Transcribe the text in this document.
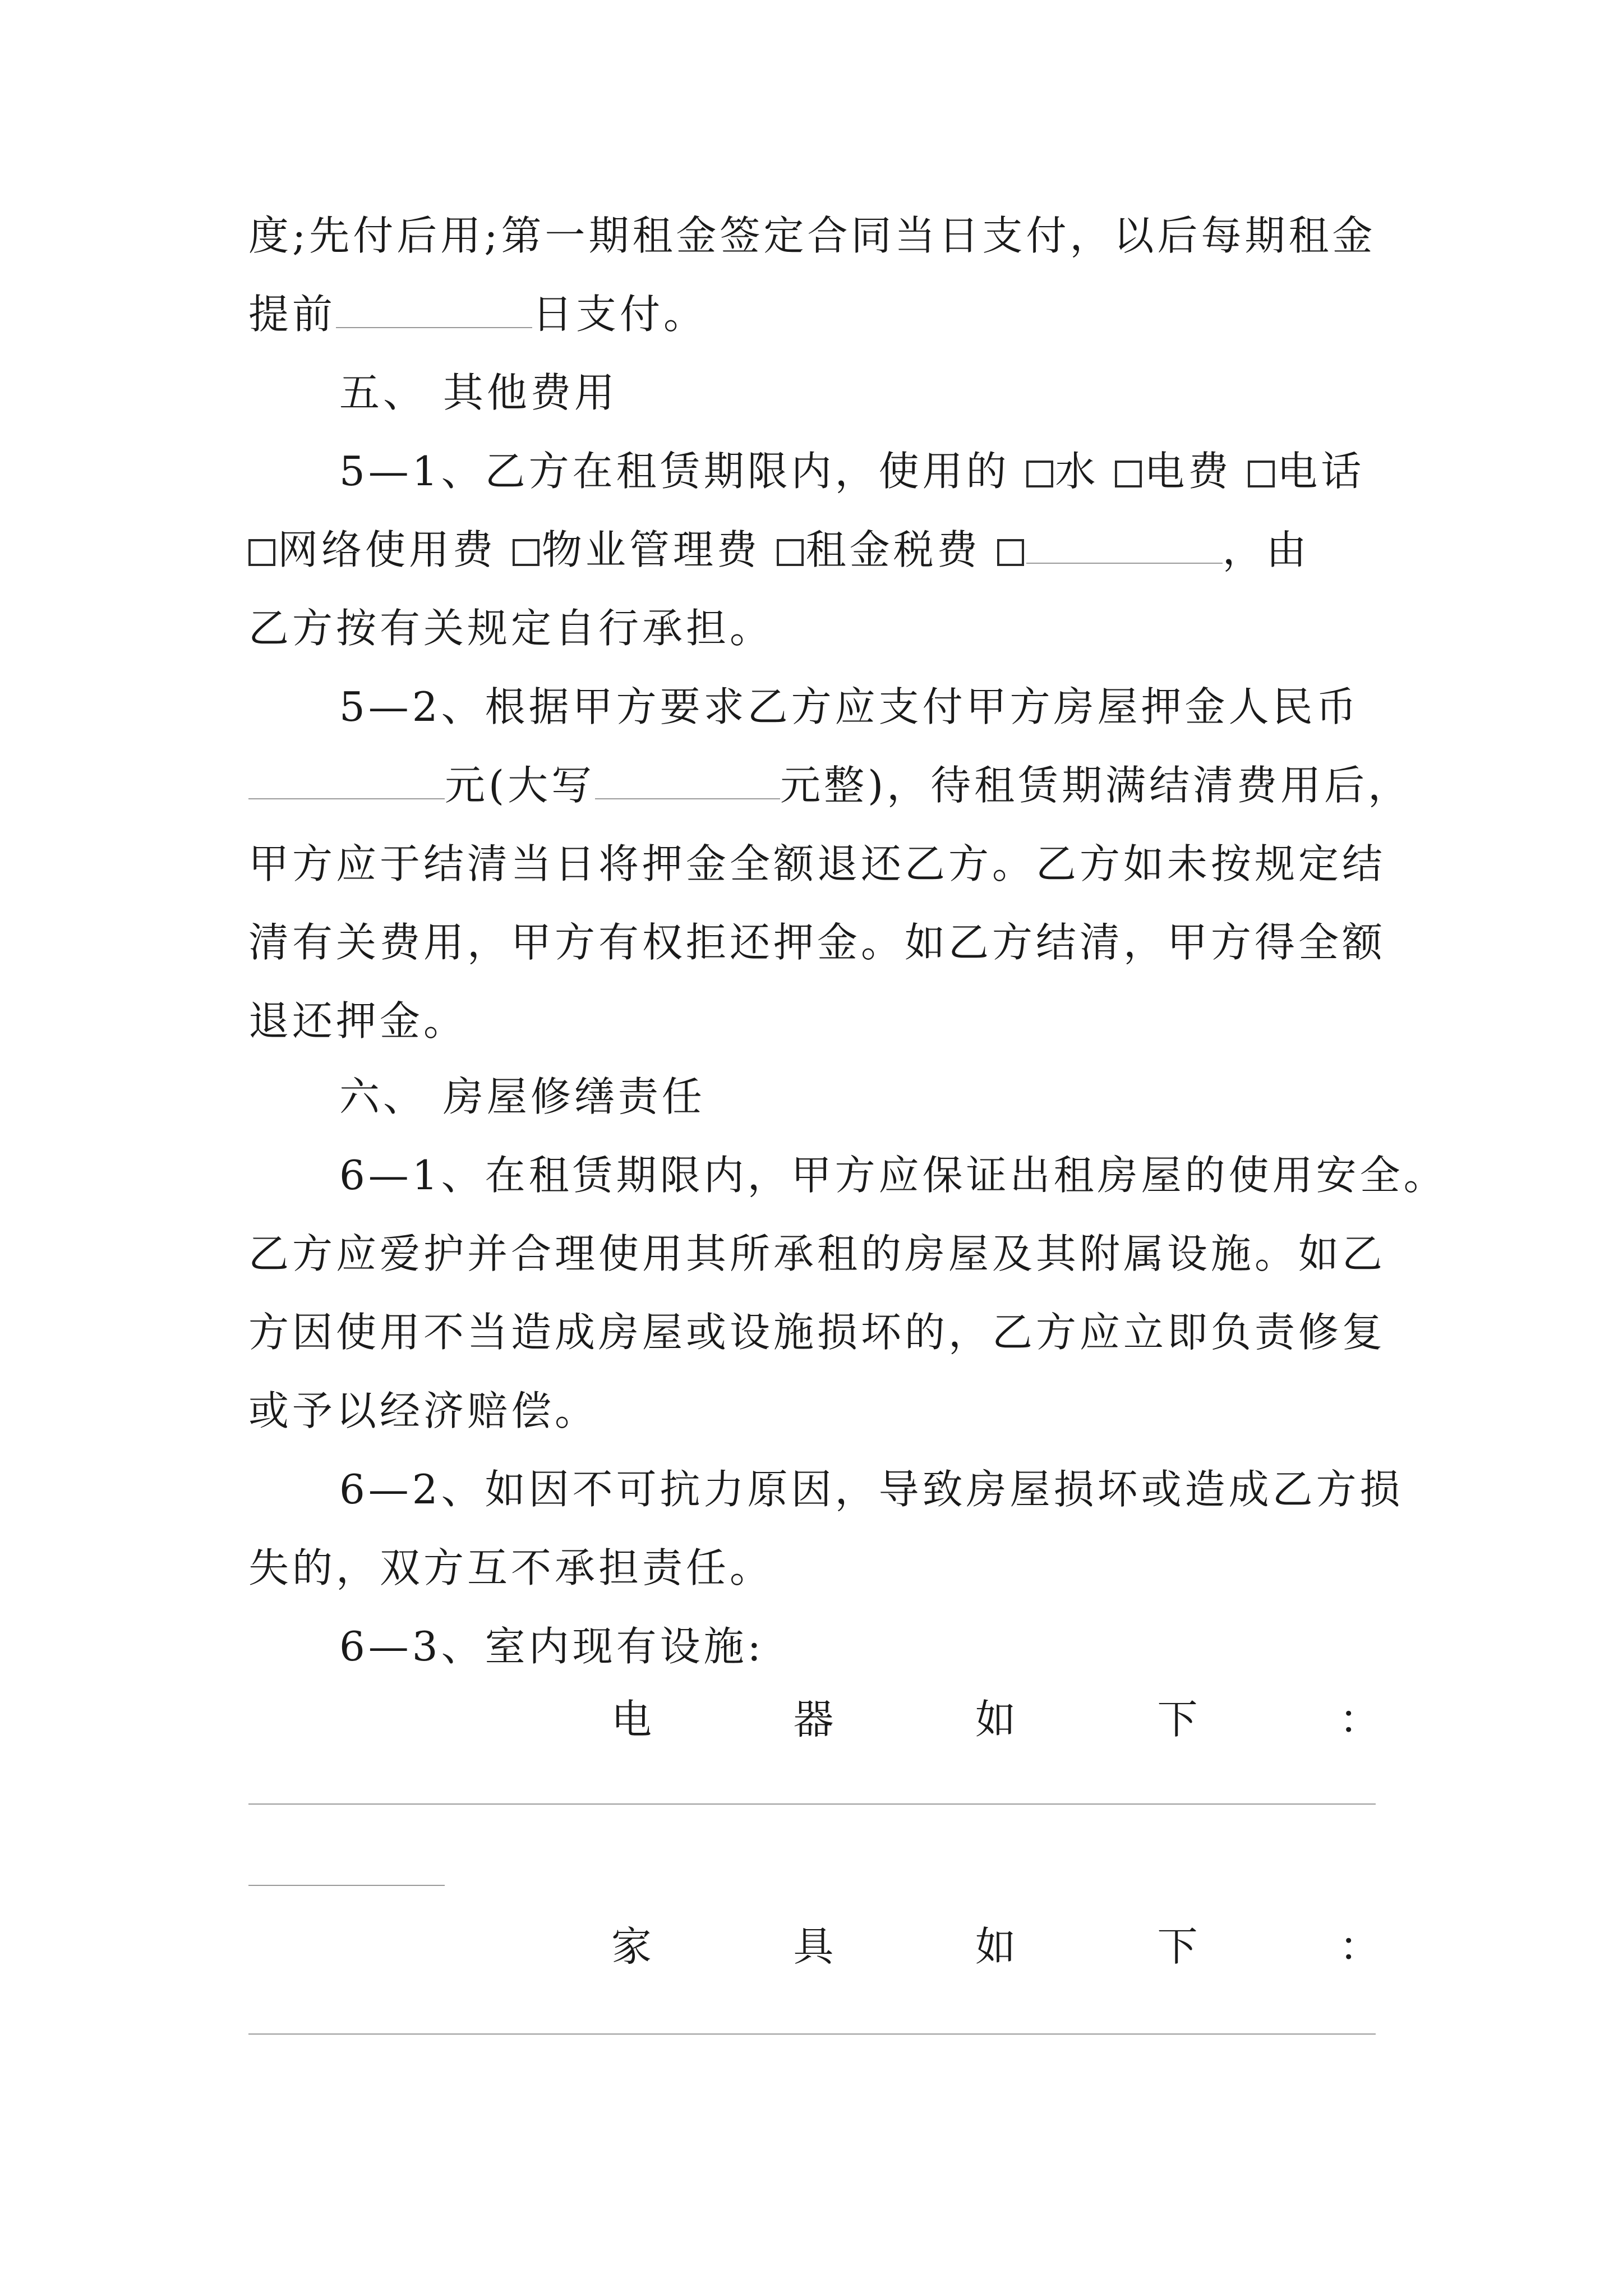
度;先付后用;第一期租金签定合同当日支付，以后每期租金
提前	日支付。
五、 其他费用
5—1、乙方在租赁期限内，使用的 水 电费 电话
网络使用费 物业管理费 租金税费	，由
乙方按有关规定自行承担。
5—2、根据甲方要求乙方应支付甲方房屋押金人民币
元(大写	元整)，待租赁期满结清费用后，
甲方应于结清当日将押金全额退还乙方。乙方如未按规定结
清有关费用，甲方有权拒还押金。如乙方结清，甲方得全额
退还押金。
六、 房屋修缮责任
6—1、在租赁期限内，甲方应保证出租房屋的使用安全。
乙方应爱护并合理使用其所承租的房屋及其附属设施。如乙
方因使用不当造成房屋或设施损坏的，乙方应立即负责修复
或予以经济赔偿。
6—2、如因不可抗力原因，导致房屋损坏或造成乙方损
失的，双方互不承担责任。
6—3、室内现有设施:
电	器	如	下	：
家	具	如	下	：
